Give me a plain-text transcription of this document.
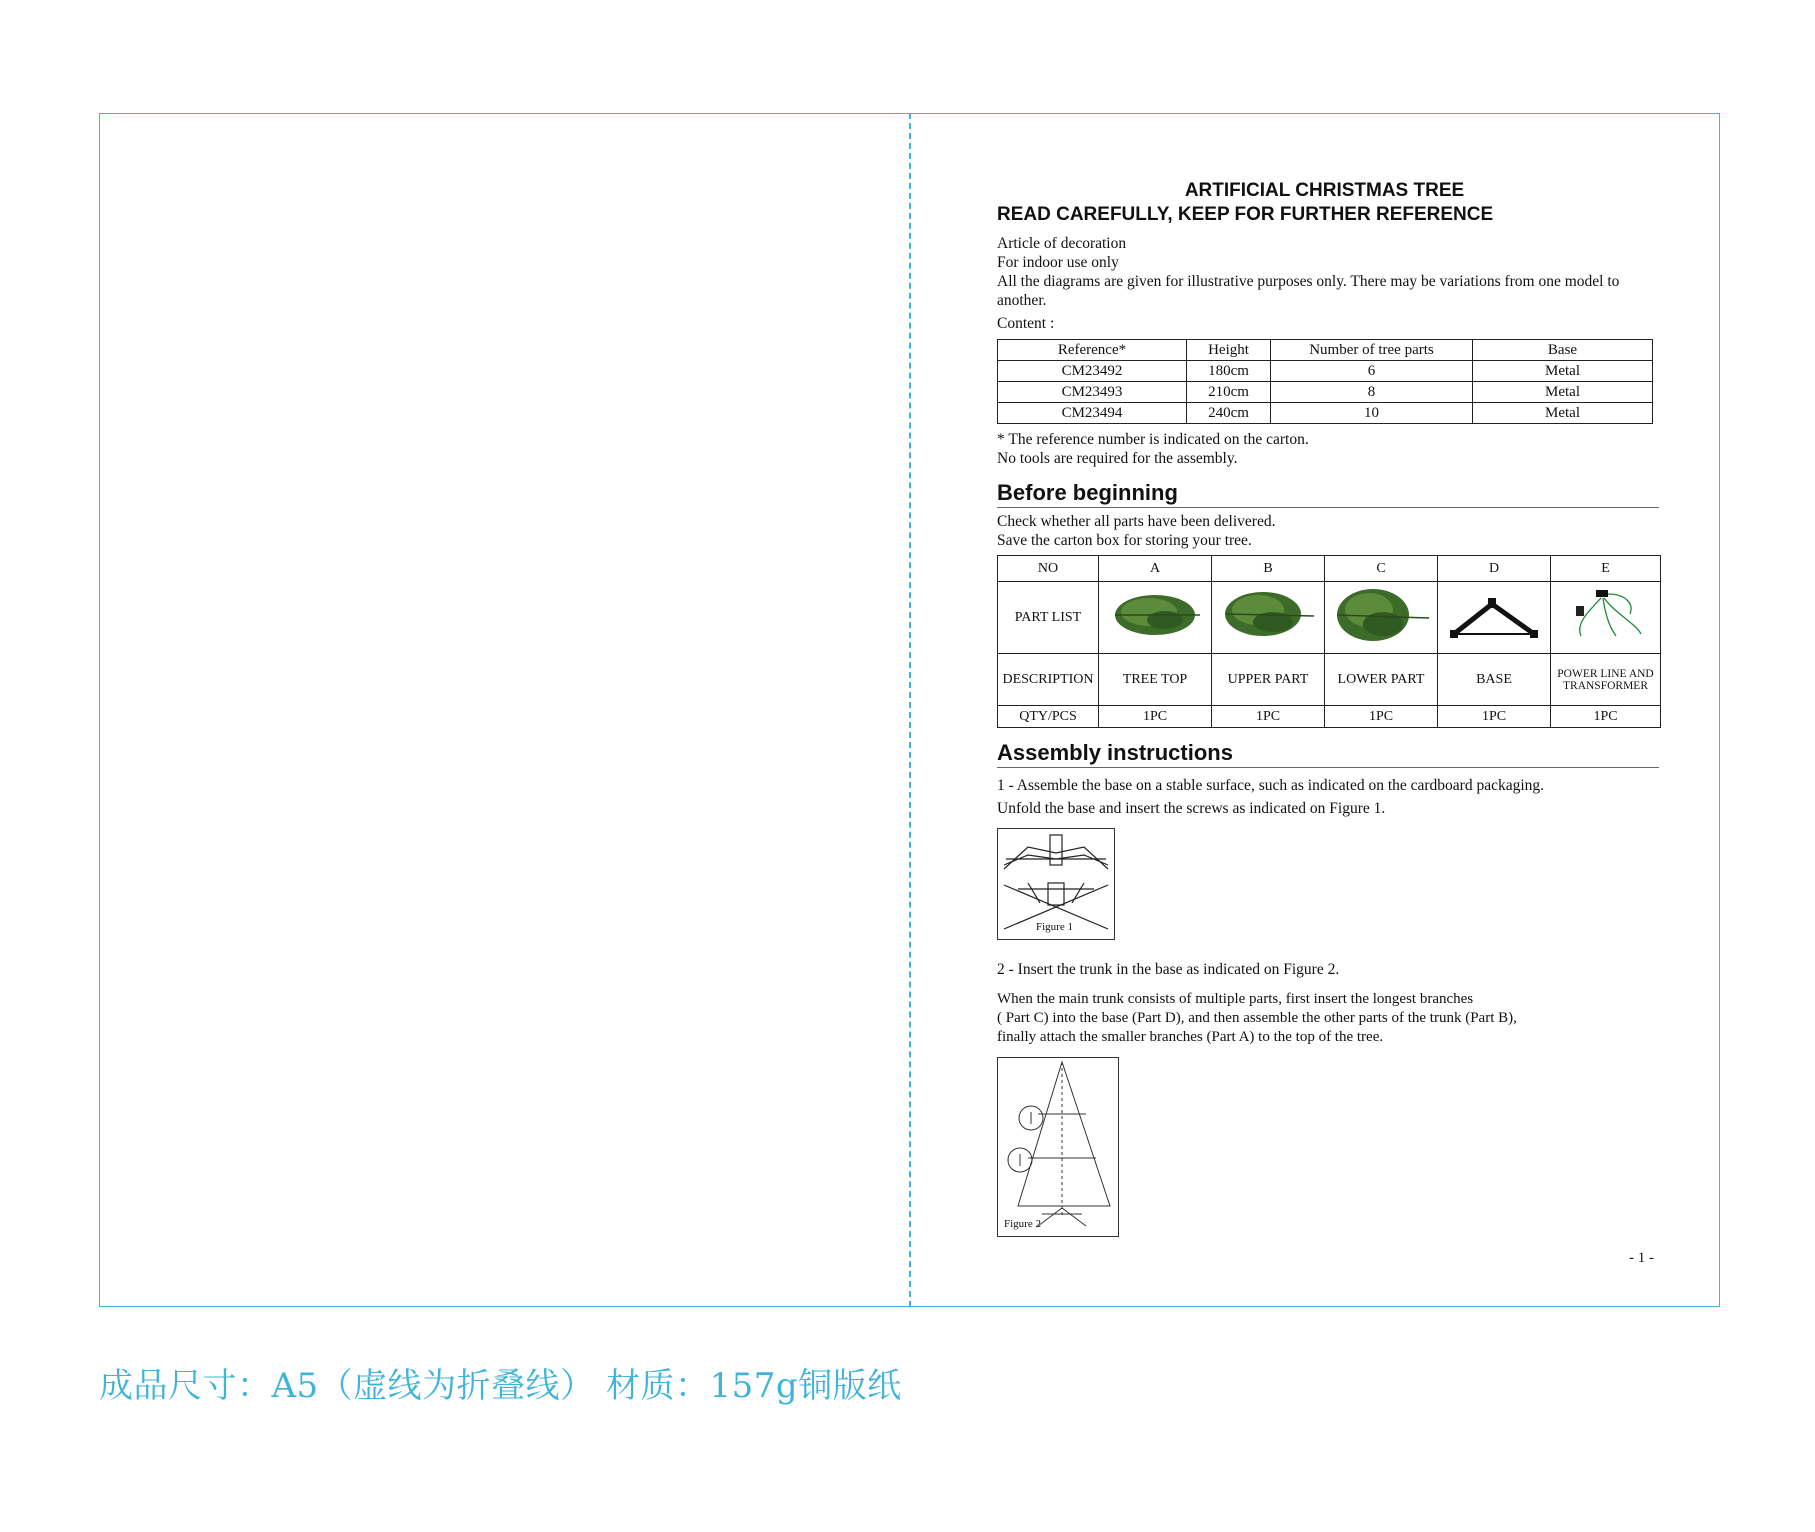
ARTIFICIAL CHRISTMAS TREE
READ CAREFULLY, KEEP FOR FURTHER REFERENCE
Article of decoration
For indoor use only
All the diagrams are given for illustrative purposes only. There may be variations from one model to another.
Content :
Reference*	Height	Number of tree parts	Base
CM23492	180cm	6	Metal
CM23493	210cm	8	Metal
CM23494	240cm	10	Metal
* The reference number is indicated on the carton.
No tools are required for the assembly.
Before beginning
Check whether all parts have been delivered.
Save the carton box for storing your tree.
NO	A	B	C	D	E
PART LIST					
DESCRIPTION	TREE TOP	UPPER PART	LOWER PART	BASE	POWER LINE AND TRANSFORMER
QTY/PCS	1PC	1PC	1PC	1PC	1PC
Assembly instructions
1 - Assemble the base on a stable surface, such as indicated on the cardboard packaging.
Unfold the base and insert the screws as indicated on Figure 1.
Figure 1
2 - Insert the trunk in the base as indicated on Figure 2.
When the main trunk consists of multiple parts, first insert the longest branches
( Part C) into the base (Part D), and then assemble the other parts of the trunk (Part B),
finally attach the smaller branches (Part A) to the top of the tree.
Figure 2
- 1 -
成品尺寸：A5（虚线为折叠线） 材质：157g铜版纸
